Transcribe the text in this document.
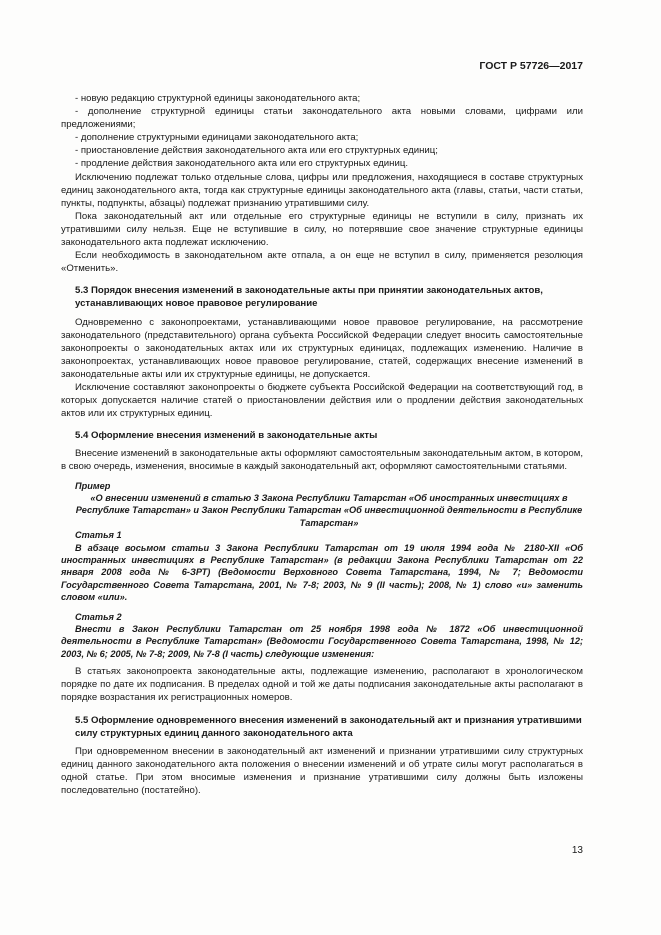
ГОСТ Р 57726—2017

- новую редакцию структурной единицы законодательного акта;

- дополнение структурной единицы статьи законодательного акта новыми словами, цифрами или предложениями;

- дополнение структурными единицами законодательного акта;

- приостановление действия законодательного акта или его структурных единиц;

- продление действия законодательного акта или его структурных единиц.

Исключению подлежат только отдельные слова, цифры или предложения, находящиеся в составе структурных единиц законодательного акта, тогда как структурные единицы законодательного акта (главы, статьи, части статьи, пункты, подпункты, абзацы) подлежат признанию утратившими силу.

Пока законодательный акт или отдельные его структурные единицы не вступили в силу, признать их утратившими силу нельзя. Еще не вступившие в силу, но потерявшие свое значение структурные единицы законодательного акта подлежат исключению.

Если необходимость в законодательном акте отпала, а он еще не вступил в силу, применяется резолюция «Отменить».

5.3 Порядок внесения изменений в законодательные акты при принятии законодательных актов, устанавливающих новое правовое регулирование

Одновременно с законопроектами, устанавливающими новое правовое регулирование, на рассмотрение законодательного (представительного) органа субъекта Российской Федерации следует вносить самостоятельные законопроекты о законодательных актах или их структурных единицах, подлежащих изменению. Наличие в законопроектах, устанавливающих новое правовое регулирование, статей, содержащих внесение изменений в законодательные акты или их структурные единицы, не допускается.

Исключение составляют законопроекты о бюджете субъекта Российской Федерации на соответствующий год, в которых допускается наличие статей о приостановлении действия или о продлении действия законодательных актов или их структурных единиц.

5.4 Оформление внесения изменений в законодательные акты

Внесение изменений в законодательные акты оформляют самостоятельным законодательным актом, в котором, в свою очередь, изменения, вносимые в каждый законодательный акт, оформляют самостоятельными статьями.

Пример

«О внесении изменений в статью 3 Закона Республики Татарстан «Об иностранных инвестициях в Республике Татарстан» и Закон Республики Татарстан «Об инвестиционной деятельности в Республике Татарстан»

Статья 1

В абзаце восьмом статьи 3 Закона Республики Татарстан от 19 июля 1994 года № 2180-XII «Об иностранных инвестициях в Республике Татарстан» (в редакции Закона Республики Татарстан от 22 января 2008 года № 6-ЗРТ) (Ведомости Верховного Совета Татарстана, 1994, № 7; Ведомости Государственного Совета Татарстана, 2001, № 7-8; 2003, № 9 (II часть); 2008, № 1) слово «и» заменить словом «или».

Статья 2

Внести в Закон Республики Татарстан от 25 ноября 1998 года № 1872 «Об инвестиционной деятельности в Республике Татарстан» (Ведомости Государственного Совета Татарстана, 1998, № 12; 2003, № 6; 2005, № 7-8; 2009, № 7-8 (I часть) следующие изменения:

В статьях законопроекта законодательные акты, подлежащие изменению, располагают в хронологическом порядке по дате их подписания. В пределах одной и той же даты подписания законодательные акты располагают в порядке возрастания их регистрационных номеров.

5.5 Оформление одновременного внесения изменений в законодательный акт и признания утратившими силу структурных единиц данного законодательного акта

При одновременном внесении в законодательный акт изменений и признании утратившими силу структурных единиц данного законодательного акта положения о внесении изменений и об утрате силы могут располагаться в одной статье. При этом вносимые изменения и признание утратившими силу должны быть изложены последовательно (постатейно).

13
